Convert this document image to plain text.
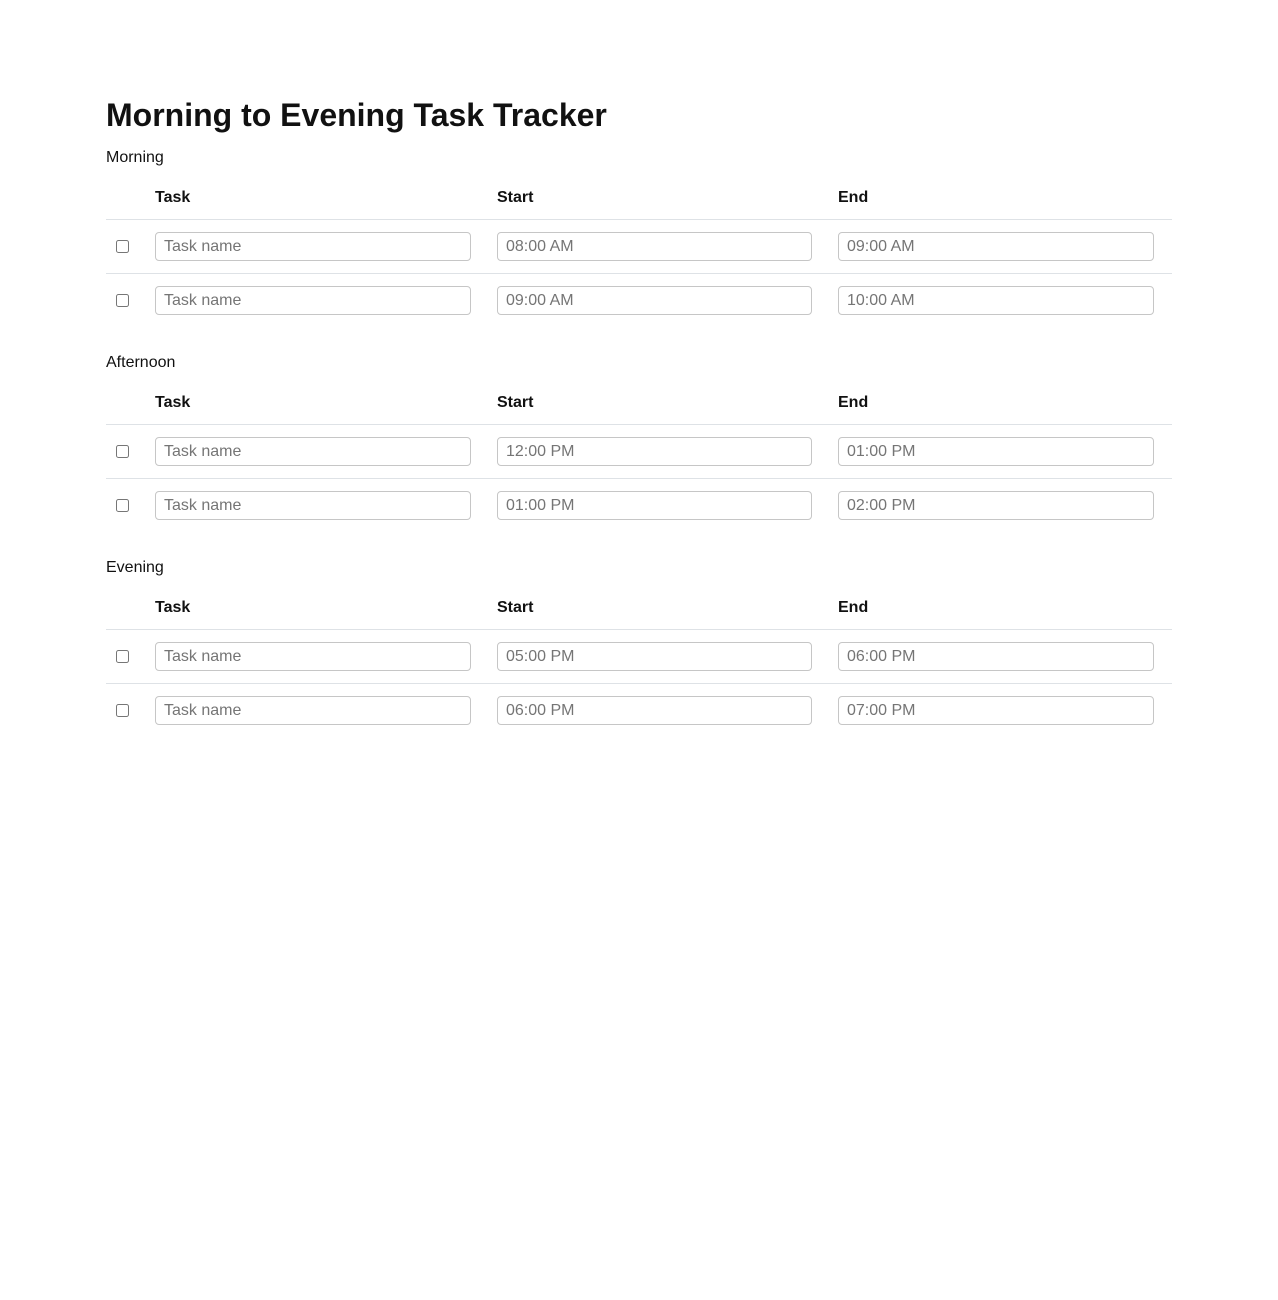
Morning to Evening Task Tracker
Morning
	Task	Start	End

	Task name	08:00 AM	09:00 AM

	Task name	09:00 AM	10:00 AM
Afternoon
	Task	Start	End

	Task name	12:00 PM	01:00 PM

	Task name	01:00 PM	02:00 PM
Evening
	Task	Start	End

	Task name	05:00 PM	06:00 PM

	Task name	06:00 PM	07:00 PM
